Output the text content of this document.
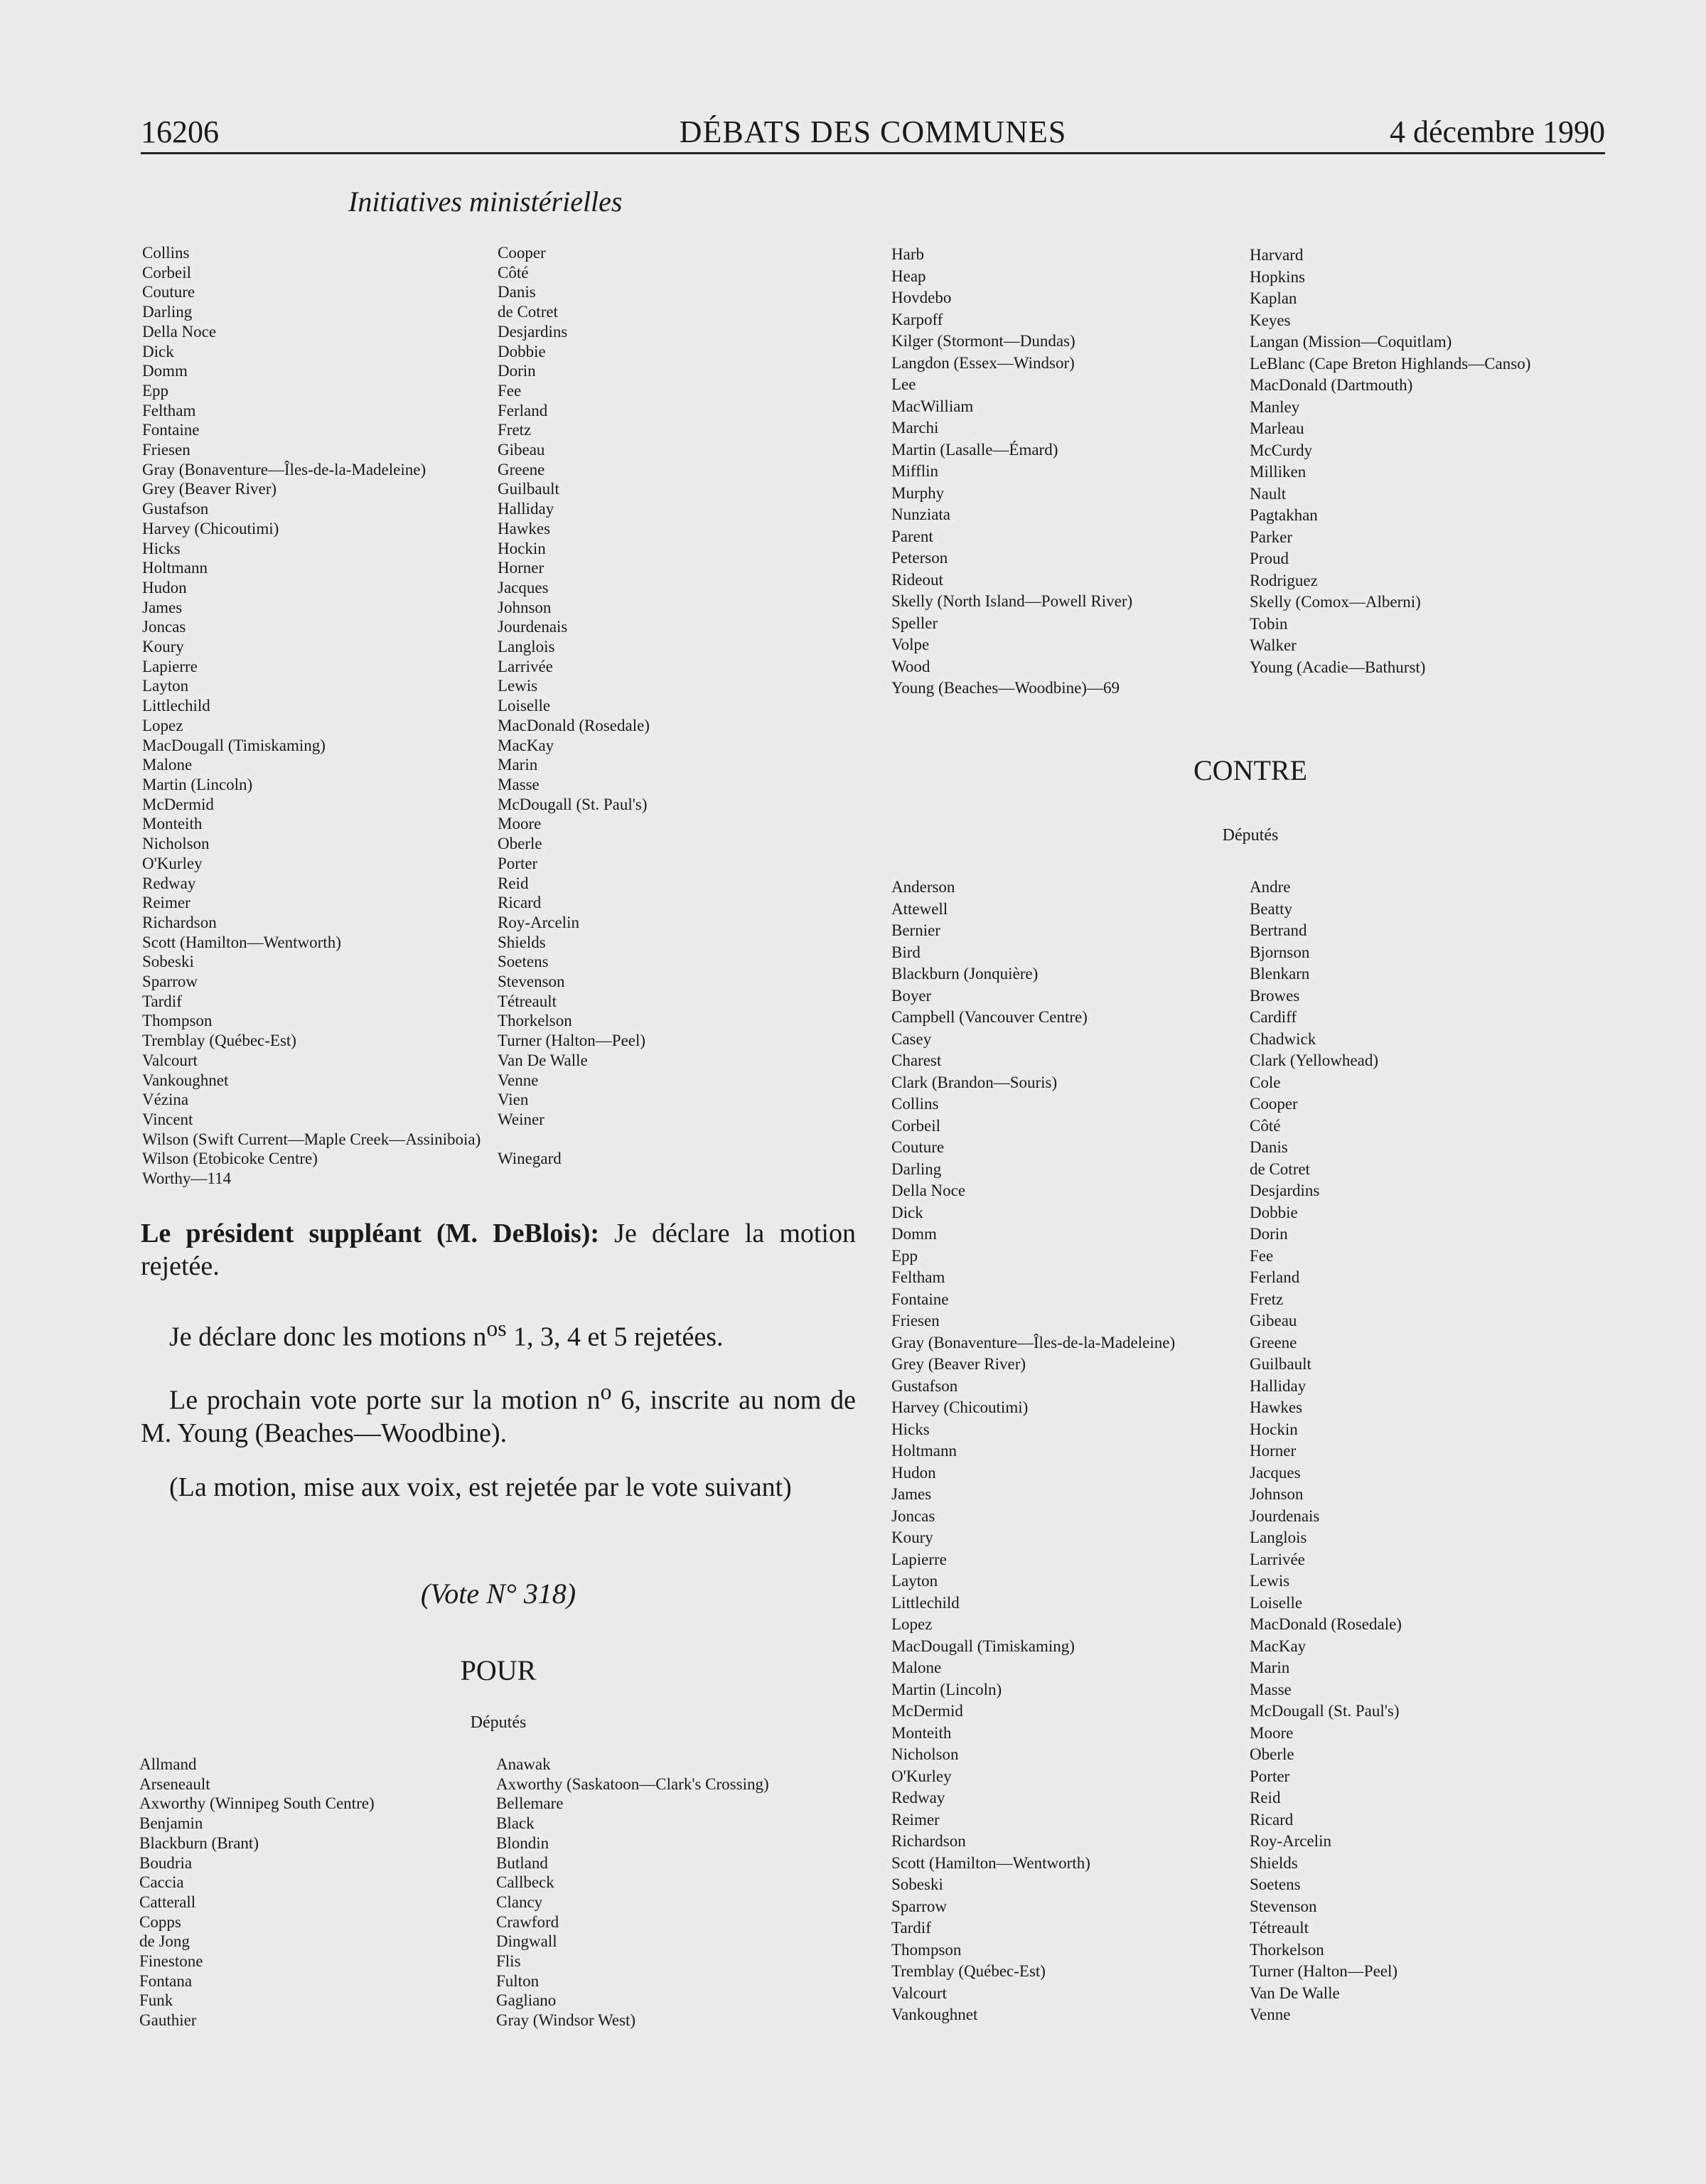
DÉBATS DES COMMUNES
16206	4 décembre 1990
Initiatives ministérielles
Collins
Corbeil
Couture
Darling
Della Noce
Dick
Domm
Epp
Feltham
Fontaine
Friesen
Gray (Bonaventure—Îles-de-la-Madeleine)
Grey (Beaver River)
Gustafson
Harvey (Chicoutimi)
Hicks
Holtmann
Hudon
James
Joncas
Koury
Lapierre
Layton
Littlechild
Lopez
MacDougall (Timiskaming)
Malone
Martin (Lincoln)
McDermid
Monteith
Nicholson
O'Kurley
Redway
Reimer
Richardson
Scott (Hamilton—Wentworth)
Sobeski
Sparrow
Tardif
Thompson
Tremblay (Québec-Est)
Valcourt
Vankoughnet
Vézina
Vincent
Wilson (Swift Current—Maple Creek—Assiniboia)
Wilson (Etobicoke Centre)
Worthy—114
Cooper
Côté
Danis
de Cotret
Desjardins
Dobbie
Dorin
Fee
Ferland
Fretz
Gibeau
Greene
Guilbault
Halliday
Hawkes
Hockin
Horner
Jacques
Johnson
Jourdenais
Langlois
Larrivée
Lewis
Loiselle
MacDonald (Rosedale)
MacKay
Marin
Masse
McDougall (St. Paul's)
Moore
Oberle
Porter
Reid
Ricard
Roy-Arcelin
Shields
Soetens
Stevenson
Tétreault
Thorkelson
Turner (Halton—Peel)
Van De Walle
Venne
Vien
Weiner

Winegard

Le président suppléant (M. DeBlois): Je déclare la motion rejetée.

Je déclare donc les motions $n^{os}$ 1, 3, 4 et 5 rejetées.

Le prochain vote porte sur la motion $n^o$ 6, inscrite au nom de M. Young (Beaches—Woodbine).

(La motion, mise aux voix, est rejetée par le vote suivant)

(Vote N° 318)
POUR
Députés
Allmand
Arseneault
Axworthy (Winnipeg South Centre)
Benjamin
Blackburn (Brant)
Boudria
Caccia
Catterall
Copps
de Jong
Finestone
Fontana
Funk
Gauthier
Anawak
Axworthy (Saskatoon—Clark's Crossing)
Bellemare
Black
Blondin
Butland
Callbeck
Clancy
Crawford
Dingwall
Flis
Fulton
Gagliano
Gray (Windsor West)
Harb
Heap
Hovdebo
Karpoff
Kilger (Stormont—Dundas)
Langdon (Essex—Windsor)
Lee
MacWilliam
Marchi
Martin (Lasalle—Émard)
Mifflin
Murphy
Nunziata
Parent
Peterson
Rideout
Skelly (North Island—Powell River)
Speller
Volpe
Wood
Young (Beaches—Woodbine)—69
Harvard
Hopkins
Kaplan
Keyes
Langan (Mission—Coquitlam)
LeBlanc (Cape Breton Highlands—Canso)
MacDonald (Dartmouth)
Manley
Marleau
McCurdy
Milliken
Nault
Pagtakhan
Parker
Proud
Rodriguez
Skelly (Comox—Alberni)
Tobin
Walker
Young (Acadie—Bathurst)
CONTRE
Députés
Anderson
Attewell
Bernier
Bird
Blackburn (Jonquière)
Boyer
Campbell (Vancouver Centre)
Casey
Charest
Clark (Brandon—Souris)
Collins
Corbeil
Couture
Darling
Della Noce
Dick
Domm
Epp
Feltham
Fontaine
Friesen
Gray (Bonaventure—Îles-de-la-Madeleine)
Grey (Beaver River)
Gustafson
Harvey (Chicoutimi)
Hicks
Holtmann
Hudon
James
Joncas
Koury
Lapierre
Layton
Littlechild
Lopez
MacDougall (Timiskaming)
Malone
Martin (Lincoln)
McDermid
Monteith
Nicholson
O'Kurley
Redway
Reimer
Richardson
Scott (Hamilton—Wentworth)
Sobeski
Sparrow
Tardif
Thompson
Tremblay (Québec-Est)
Valcourt
Vankoughnet
Andre
Beatty
Bertrand
Bjornson
Blenkarn
Browes
Cardiff
Chadwick
Clark (Yellowhead)
Cole
Cooper
Côté
Danis
de Cotret
Desjardins
Dobbie
Dorin
Fee
Ferland
Fretz
Gibeau
Greene
Guilbault
Halliday
Hawkes
Hockin
Horner
Jacques
Johnson
Jourdenais
Langlois
Larrivée
Lewis
Loiselle
MacDonald (Rosedale)
MacKay
Marin
Masse
McDougall (St. Paul's)
Moore
Oberle
Porter
Reid
Ricard
Roy-Arcelin
Shields
Soetens
Stevenson
Tétreault
Thorkelson
Turner (Halton—Peel)
Van De Walle
Venne
